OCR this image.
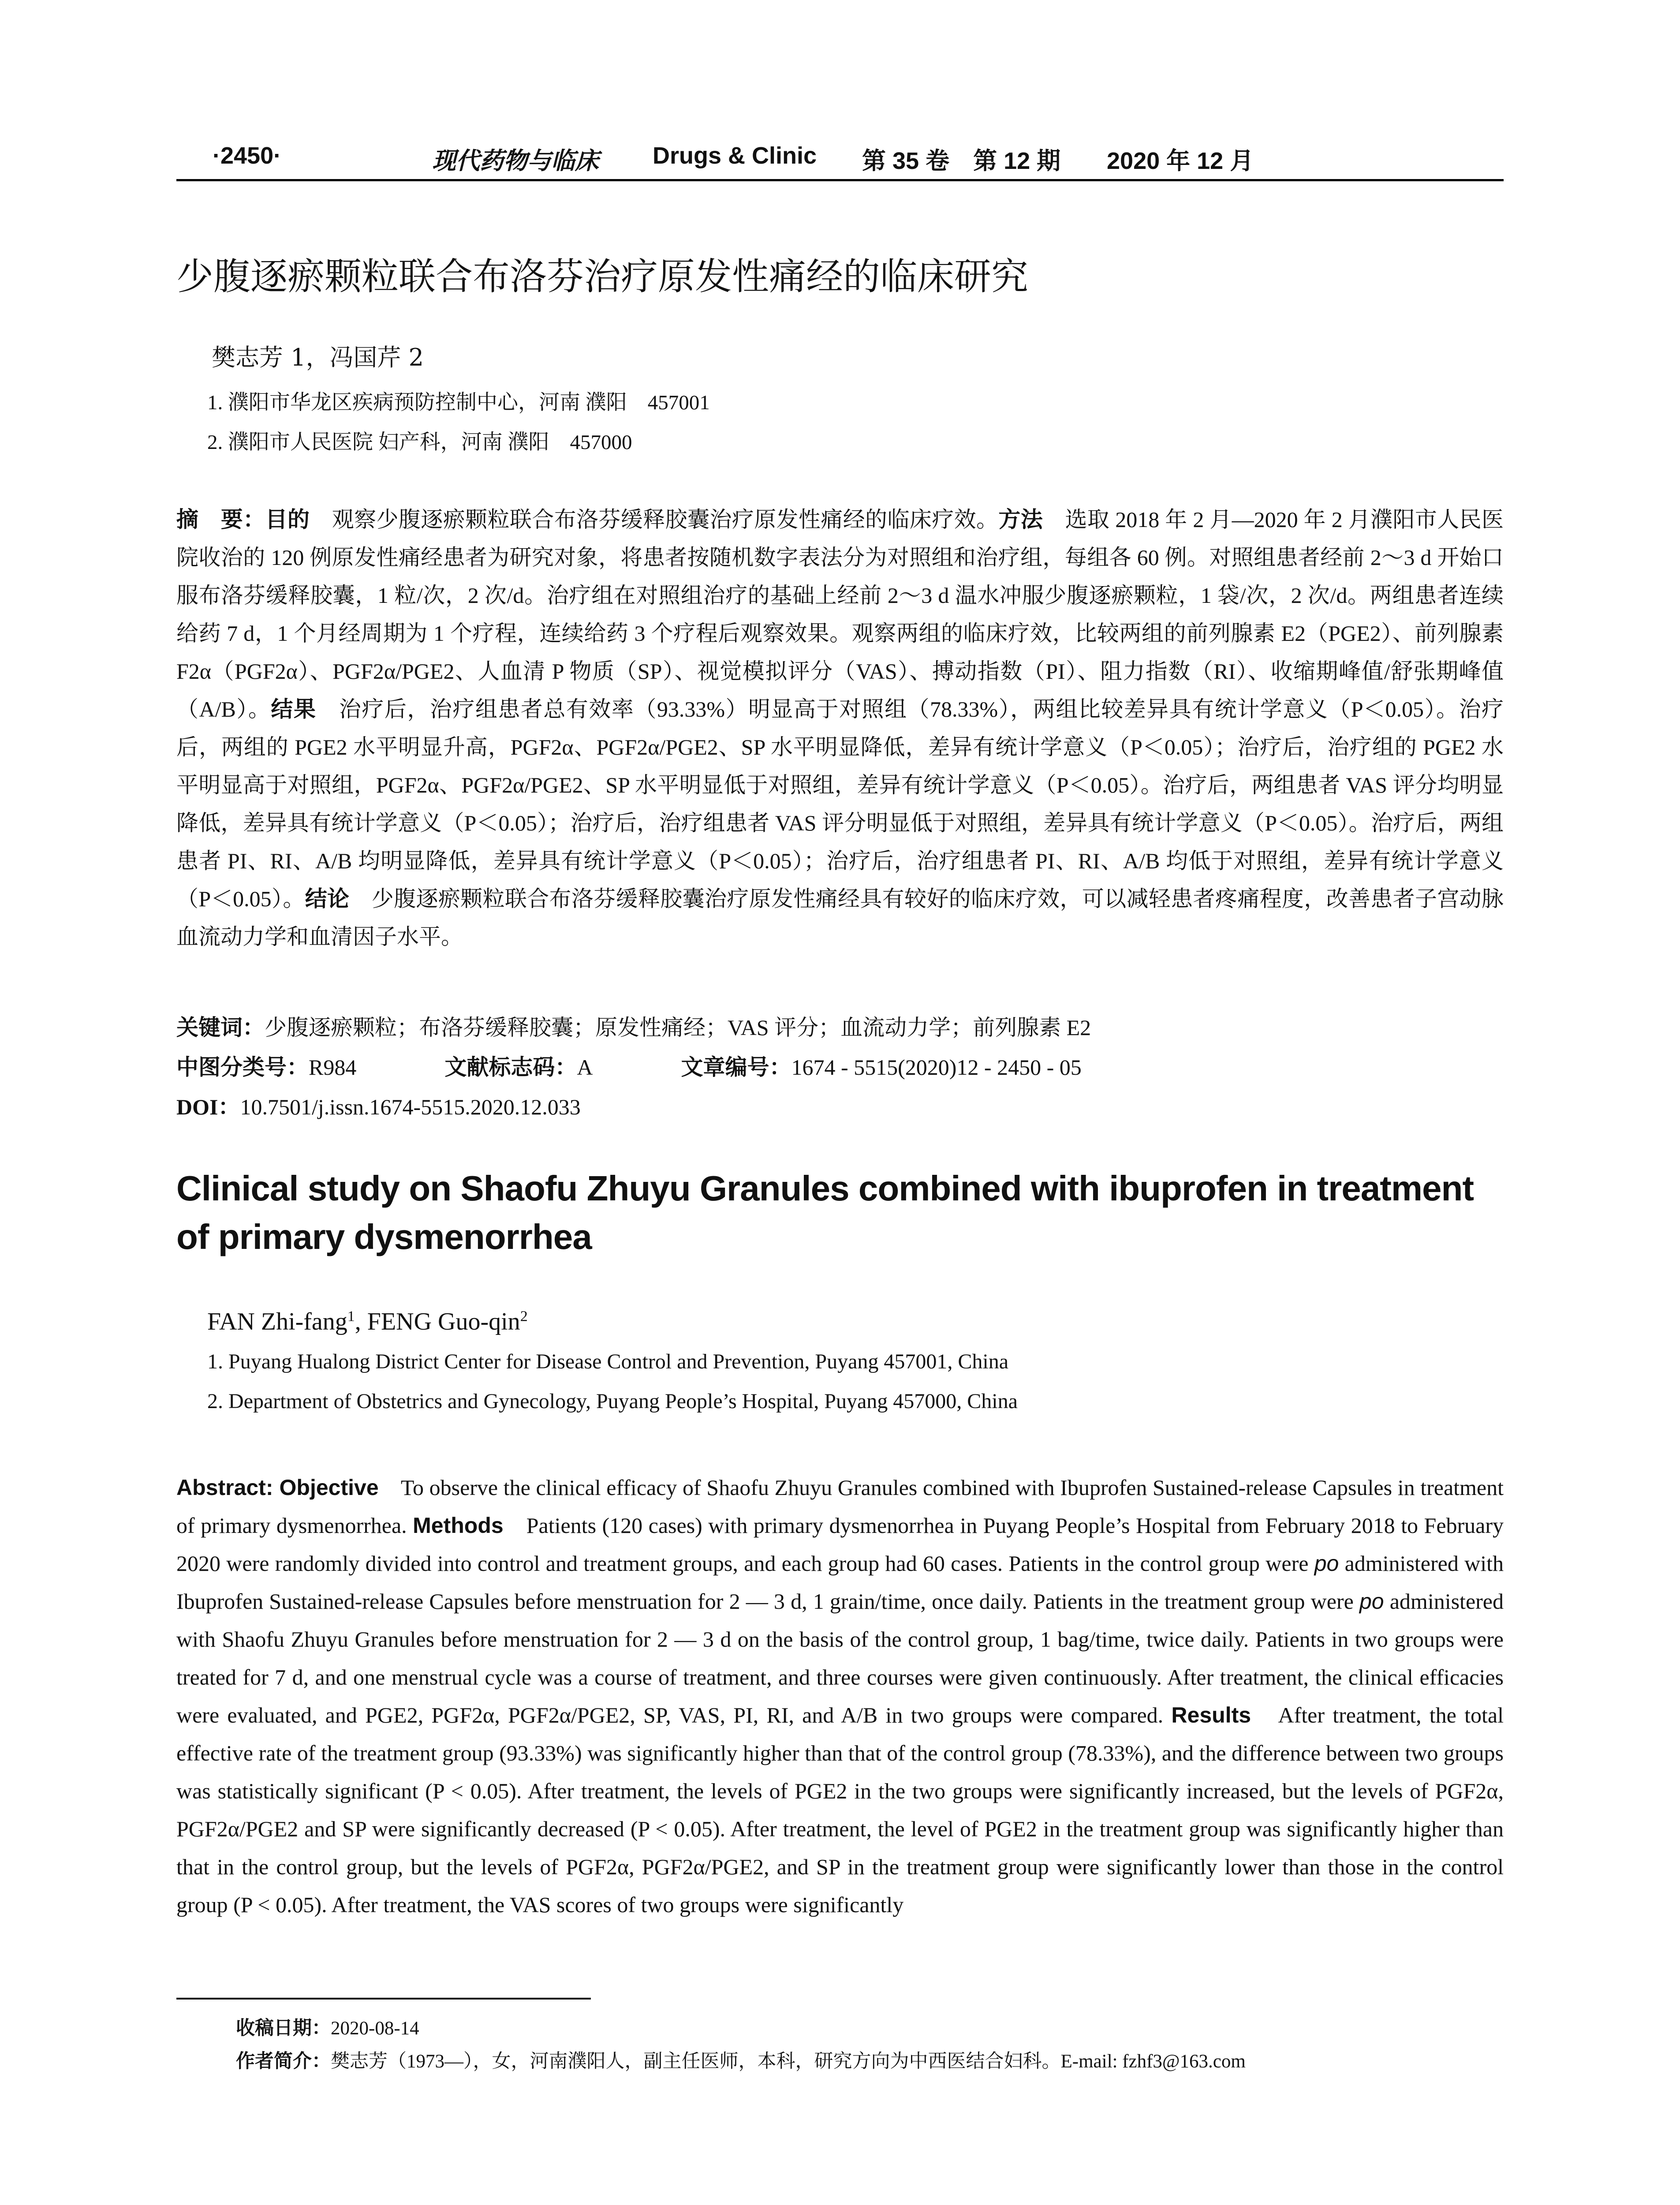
·2450·	现代药物与临床 Drugs & Clinic 第 35 卷　第 12 期 2020 年 12 月
少腹逐瘀颗粒联合布洛芬治疗原发性痛经的临床研究
樊志芳 1，冯国芹 2
1. 濮阳市华龙区疾病预防控制中心，河南 濮阳　457001
2. 濮阳市人民医院 妇产科，河南 濮阳　457000
摘　要：目的　观察少腹逐瘀颗粒联合布洛芬缓释胶囊治疗原发性痛经的临床疗效。方法　选取 2018 年 2 月—2020 年 2 月濮阳市人民医院收治的 120 例原发性痛经患者为研究对象，将患者按随机数字表法分为对照组和治疗组，每组各 60 例。对照组患者经前 2～3 d 开始口服布洛芬缓释胶囊，1 粒/次，2 次/d。治疗组在对照组治疗的基础上经前 2～3 d 温水冲服少腹逐瘀颗粒，1 袋/次，2 次/d。两组患者连续给药 7 d，1 个月经周期为 1 个疗程，连续给药 3 个疗程后观察效果。观察两组的临床疗效，比较两组的前列腺素 E2（PGE2）、前列腺素 F2α（PGF2α）、PGF2α/PGE2、人血清 P 物质（SP）、视觉模拟评分（VAS）、搏动指数（PI）、阻力指数（RI）、收缩期峰值/舒张期峰值（A/B）。结果　治疗后，治疗组患者总有效率（93.33%）明显高于对照组（78.33%），两组比较差异具有统计学意义（P＜0.05）。治疗后，两组的 PGE2 水平明显升高，PGF2α、PGF2α/PGE2、SP 水平明显降低，差异有统计学意义（P＜0.05）；治疗后，治疗组的 PGE2 水平明显高于对照组，PGF2α、PGF2α/PGE2、SP 水平明显低于对照组，差异有统计学意义（P＜0.05）。治疗后，两组患者 VAS 评分均明显降低，差异具有统计学意义（P＜0.05）；治疗后，治疗组患者 VAS 评分明显低于对照组，差异具有统计学意义（P＜0.05）。治疗后，两组患者 PI、RI、A/B 均明显降低，差异具有统计学意义（P＜0.05）；治疗后，治疗组患者 PI、RI、A/B 均低于对照组，差异有统计学意义（P＜0.05）。结论　少腹逐瘀颗粒联合布洛芬缓释胶囊治疗原发性痛经具有较好的临床疗效，可以减轻患者疼痛程度，改善患者子宫动脉血流动力学和血清因子水平。
关键词：少腹逐瘀颗粒；布洛芬缓释胶囊；原发性痛经；VAS 评分；血流动力学；前列腺素 E2
中图分类号：R984	文献标志码：A	文章编号：1674 - 5515(2020)12 - 2450 - 05
DOI：10.7501/j.issn.1674-5515.2020.12.033
Clinical study on Shaofu Zhuyu Granules combined with ibuprofen in treatment of primary dysmenorrhea
FAN Zhi-fang$^1$, FENG Guo-qin$^2$
1. Puyang Hualong District Center for Disease Control and Prevention, Puyang 457001, China
2. Department of Obstetrics and Gynecology, Puyang People’s Hospital, Puyang 457000, China
Abstract: Objective　To observe the clinical efficacy of Shaofu Zhuyu Granules combined with Ibuprofen Sustained-release Capsules in treatment of primary dysmenorrhea. Methods　Patients (120 cases) with primary dysmenorrhea in Puyang People’s Hospital from February 2018 to February 2020 were randomly divided into control and treatment groups, and each group had 60 cases. Patients in the control group were po administered with Ibuprofen Sustained-release Capsules before menstruation for 2 — 3 d, 1 grain/time, once daily. Patients in the treatment group were po administered with Shaofu Zhuyu Granules before menstruation for 2 — 3 d on the basis of the control group, 1 bag/time, twice daily. Patients in two groups were treated for 7 d, and one menstrual cycle was a course of treatment, and three courses were given continuously. After treatment, the clinical efficacies were evaluated, and PGE2, PGF2α, PGF2α/PGE2, SP, VAS, PI, RI, and A/B in two groups were compared. Results　After treatment, the total effective rate of the treatment group (93.33%) was significantly higher than that of the control group (78.33%), and the difference between two groups was statistically significant (P < 0.05). After treatment, the levels of PGE2 in the two groups were significantly increased, but the levels of PGF2α, PGF2α/PGE2 and SP were significantly decreased (P < 0.05). After treatment, the level of PGE2 in the treatment group was significantly higher than that in the control group, but the levels of PGF2α, PGF2α/PGE2, and SP in the treatment group were significantly lower than those in the control group (P < 0.05). After treatment, the VAS scores of two groups were significantly
收稿日期：2020-08-14
作者简介：樊志芳（1973—），女，河南濮阳人，副主任医师，本科，研究方向为中西医结合妇科。E-mail: fzhf3@163.com
